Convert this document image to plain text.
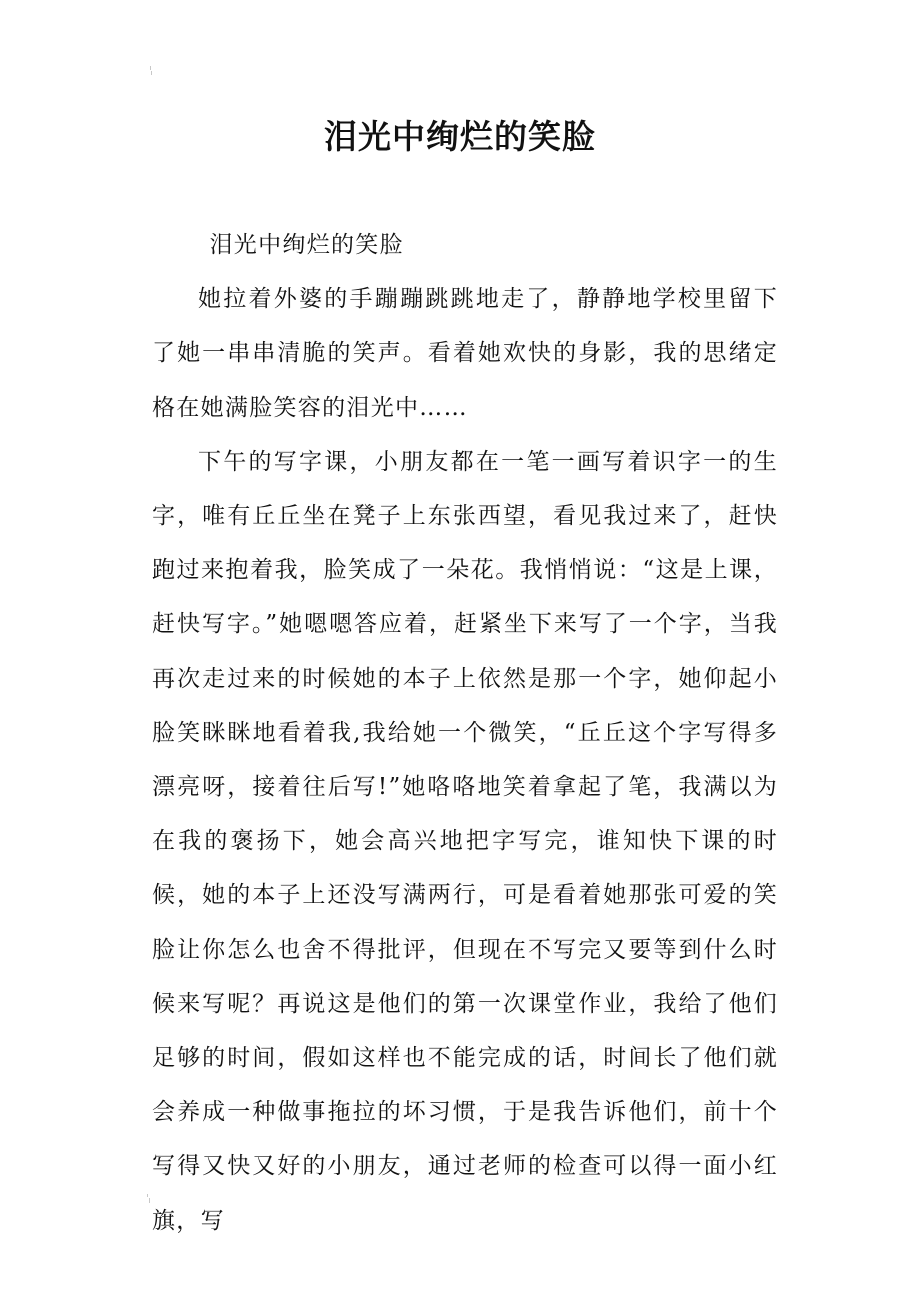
泪光中绚烂的笑脸

泪光中绚烂的笑脸

她拉着外婆的手蹦蹦跳跳地走了，静静地学校里留下了她一串串清脆的笑声。看着她欢快的身影，我的思绪定格在她满脸笑容的泪光中……

下午的写字课，小朋友都在一笔一画写着识字一的生字，唯有丘丘坐在凳子上东张西望，看见我过来了，赶快跑过来抱着我，脸笑成了一朵花。我悄悄说：“这是上课，赶快写字。”她嗯嗯答应着，赶紧坐下来写了一个字，当我再次走过来的时候她的本子上依然是那一个字，她仰起小脸笑眯眯地看着我,我给她一个微笑，“丘丘这个字写得多漂亮呀，接着往后写!”她咯咯地笑着拿起了笔，我满以为在我的褒扬下，她会高兴地把字写完，谁知快下课的时候，她的本子上还没写满两行，可是看着她那张可爱的笑脸让你怎么也舍不得批评，但现在不写完又要等到什么时候来写呢？再说这是他们的第一次课堂作业，我给了他们足够的时间，假如这样也不能完成的话，时间长了他们就会养成一种做事拖拉的坏习惯，于是我告诉他们，前十个写得又快又好的小朋友，通过老师的检查可以得一面小红旗，写
